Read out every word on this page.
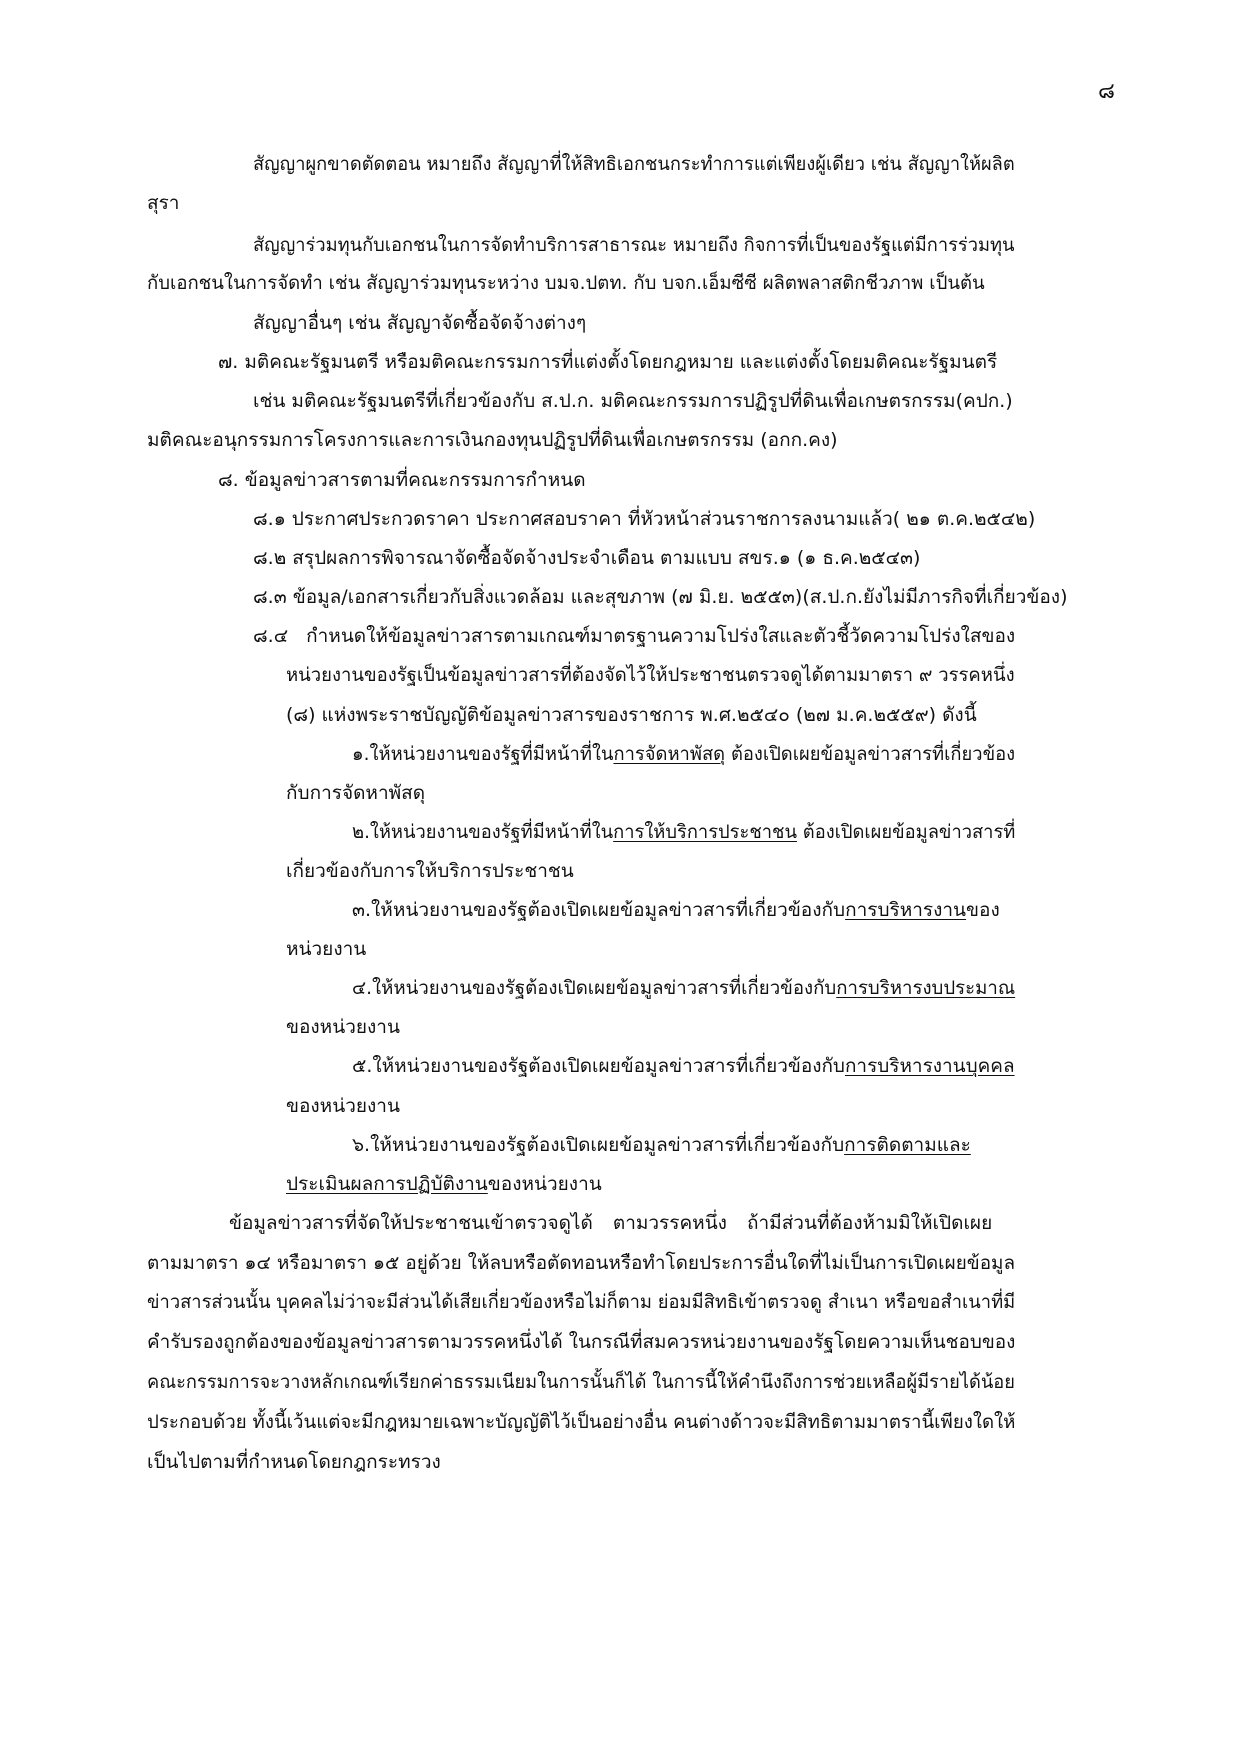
๘
สัญญาผูกขาดตัดตอน หมายถึง สัญญาที่ให้สิทธิเอกชนกระทำการแต่เพียงผู้เดียว เช่น สัญญาให้ผลิต
สุรา
สัญญาร่วมทุนกับเอกชนในการจัดทำบริการสาธารณะ หมายถึง กิจการที่เป็นของรัฐแต่มีการร่วมทุน
กับเอกชนในการจัดทำ เช่น สัญญาร่วมทุนระหว่าง บมจ.ปตท. กับ บจก.เอ็มซีซี ผลิตพลาสติกชีวภาพ เป็นต้น
สัญญาอื่นๆ เช่น สัญญาจัดซื้อจัดจ้างต่างๆ
๗. มติคณะรัฐมนตรี หรือมติคณะกรรมการที่แต่งตั้งโดยกฎหมาย และแต่งตั้งโดยมติคณะรัฐมนตรี
เช่น มติคณะรัฐมนตรีที่เกี่ยวข้องกับ ส.ป.ก. มติคณะกรรมการปฏิรูปที่ดินเพื่อเกษตรกรรม(คปก.)
มติคณะอนุกรรมการโครงการและการเงินกองทุนปฏิรูปที่ดินเพื่อเกษตรกรรม (อกก.คง)
๘. ข้อมูลข่าวสารตามที่คณะกรรมการกำหนด
๘.๑ ประกาศประกวดราคา ประกาศสอบราคา ที่หัวหน้าส่วนราชการลงนามแล้ว( ๒๑ ต.ค.๒๕๔๒)
๘.๒ สรุปผลการพิจารณาจัดซื้อจัดจ้างประจำเดือน ตามแบบ สขร.๑ (๑ ธ.ค.๒๕๔๓)
๘.๓ ข้อมูล/เอกสารเกี่ยวกับสิ่งแวดล้อม และสุขภาพ (๗ มิ.ย. ๒๕๕๓)(ส.ป.ก.ยังไม่มีภารกิจที่เกี่ยวข้อง)
๘.๔ กำหนดให้ข้อมูลข่าวสารตามเกณฑ์มาตรฐานความโปร่งใสและตัวชี้วัดความโปร่งใสของ
หน่วยงานของรัฐเป็นข้อมูลข่าวสารที่ต้องจัดไว้ให้ประชาชนตรวจดูได้ตามมาตรา ๙ วรรคหนึ่ง
(๘) แห่งพระราชบัญญัติข้อมูลข่าวสารของราชการ พ.ศ.๒๕๔๐ (๒๗ ม.ค.๒๕๕๙) ดังนี้
๑.ให้หน่วยงานของรัฐที่มีหน้าที่ในการจัดหาพัสดุ ต้องเปิดเผยข้อมูลข่าวสารที่เกี่ยวข้อง
กับการจัดหาพัสดุ
๒.ให้หน่วยงานของรัฐที่มีหน้าที่ในการให้บริการประชาชน ต้องเปิดเผยข้อมูลข่าวสารที่
เกี่ยวข้องกับการให้บริการประชาชน
๓.ให้หน่วยงานของรัฐต้องเปิดเผยข้อมูลข่าวสารที่เกี่ยวข้องกับการบริหารงานของ
หน่วยงาน
๔.ให้หน่วยงานของรัฐต้องเปิดเผยข้อมูลข่าวสารที่เกี่ยวข้องกับการบริหารงบประมาณ
ของหน่วยงาน
๕.ให้หน่วยงานของรัฐต้องเปิดเผยข้อมูลข่าวสารที่เกี่ยวข้องกับการบริหารงานบุคคล
ของหน่วยงาน
๖.ให้หน่วยงานของรัฐต้องเปิดเผยข้อมูลข่าวสารที่เกี่ยวข้องกับการติดตามและ
ประเมินผลการปฏิบัติงานของหน่วยงาน
ข้อมูลข่าวสารที่จัดให้ประชาชนเข้าตรวจดูได้ ตามวรรคหนึ่ง ถ้ามีส่วนที่ต้องห้ามมิให้เปิดเผย
ตามมาตรา ๑๔ หรือมาตรา ๑๕ อยู่ด้วย ให้ลบหรือตัดทอนหรือทำโดยประการอื่นใดที่ไม่เป็นการเปิดเผยข้อมูล
ข่าวสารส่วนนั้น บุคคลไม่ว่าจะมีส่วนได้เสียเกี่ยวข้องหรือไม่ก็ตาม ย่อมมีสิทธิเข้าตรวจดู สำเนา หรือขอสำเนาที่มี
คำรับรองถูกต้องของข้อมูลข่าวสารตามวรรคหนึ่งได้ ในกรณีที่สมควรหน่วยงานของรัฐโดยความเห็นชอบของ
คณะกรรมการจะวางหลักเกณฑ์เรียกค่าธรรมเนียมในการนั้นก็ได้ ในการนี้ให้คำนึงถึงการช่วยเหลือผู้มีรายได้น้อย
ประกอบด้วย ทั้งนี้เว้นแต่จะมีกฎหมายเฉพาะบัญญัติไว้เป็นอย่างอื่น คนต่างด้าวจะมีสิทธิตามมาตรานี้เพียงใดให้
เป็นไปตามที่กำหนดโดยกฎกระทรวง
